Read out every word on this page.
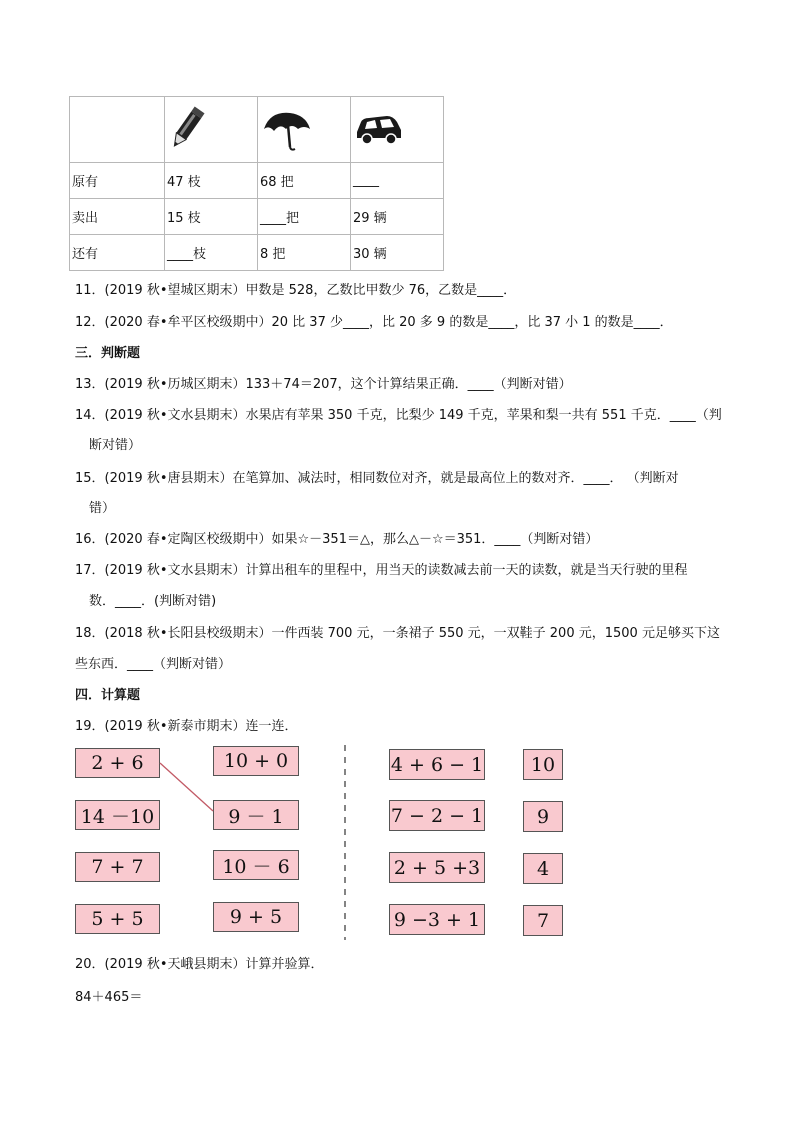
原有	47 枝	68 把	____
卖出	15 枝	____把	29 辆
还有	____枝	8 把	30 辆
11．(2019 秋•望城区期末）甲数是 528，乙数比甲数少 76，乙数是____．
12．(2020 春•牟平区校级期中）20 比 37 少____，比 20 多 9 的数是____，比 37 小 1 的数是____．
三．判断题
13．(2019 秋•历城区期末）133＋74＝207，这个计算结果正确．____（判断对错）
14．(2019 秋•文水县期末）水果店有苹果 350 千克，比梨少 149 千克，苹果和梨一共有 551 千克．____（判
断对错）
15．(2019 秋•唐县期末）在笔算加、减法时，相同数位对齐，就是最高位上的数对齐．____． （判断对
错）
16．(2020 春•定陶区校级期中）如果☆－351＝△，那么△－☆＝351．____（判断对错）
17．(2019 秋•文水县期末）计算出租车的里程中，用当天的读数减去前一天的读数，就是当天行驶的里程
数．____．(判断对错)
18．(2018 秋•长阳县校级期末）一件西装 700 元，一条裙子 550 元，一双鞋子 200 元，1500 元足够买下这
些东西．____（判断对错）
四．计算题
19．(2019 秋•新泰市期末）连一连．
2 + 6
14 －10
7 + 7
5 + 5
10 + 0
9 － 1
10 － 6
9 + 5
4 + 6 − 1
7 − 2 − 1
2 + 5 +3
9 −3 + 1
10
9
4
7
20．(2019 秋•天峨县期末）计算并验算．
84＋465＝
